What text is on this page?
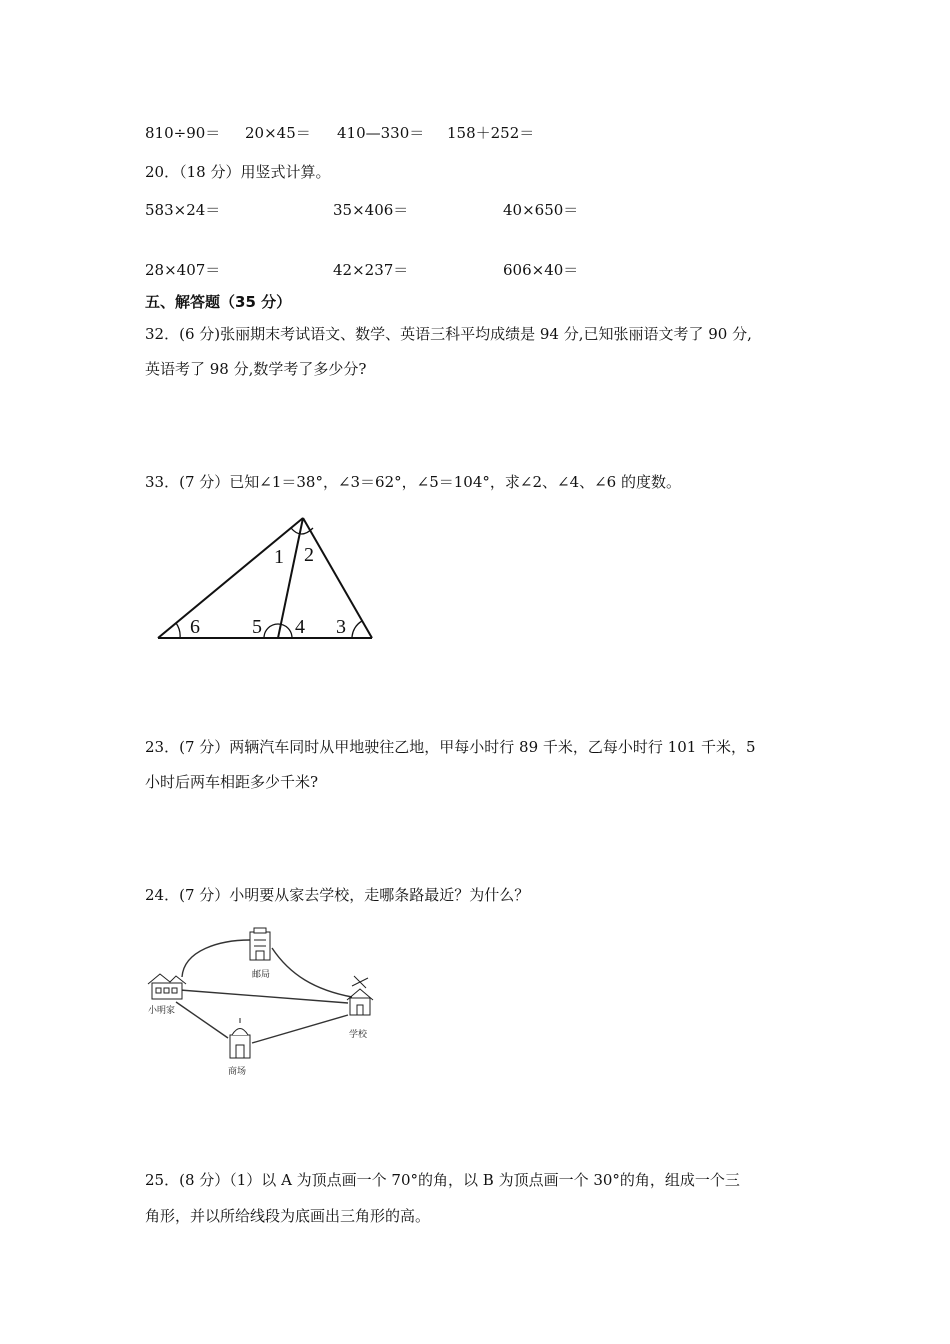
810÷90＝ 20×45＝ 410—330＝ 158＋252＝
20．（18 分）用竖式计算。
583×24＝	35×406＝	40×650＝
28×407＝	42×237＝	606×40＝
五、解答题（35 分）
32．(6 分)张丽期末考试语文、数学、英语三科平均成绩是 94 分,已知张丽语文考了 90 分,
英语考了 98 分,数学考了多少分?
33．(7 分）已知∠1＝38°，∠3＝62°，∠5＝104°，求∠2、∠4、∠6 的度数。
1 2
3
4
5
6
23．(7 分）两辆汽车同时从甲地驶往乙地，甲每小时行 89 千米，乙每小时行 101 千米，5
小时后两车相距多少千米?
24．(7 分）小明要从家去学校，走哪条路最近？为什么？
小明家
邮局
学校
商场
25．(8 分）（1）以 A 为顶点画一个 70°的角，以 B 为顶点画一个 30°的角，组成一个三
角形，并以所给线段为底画出三角形的高。
